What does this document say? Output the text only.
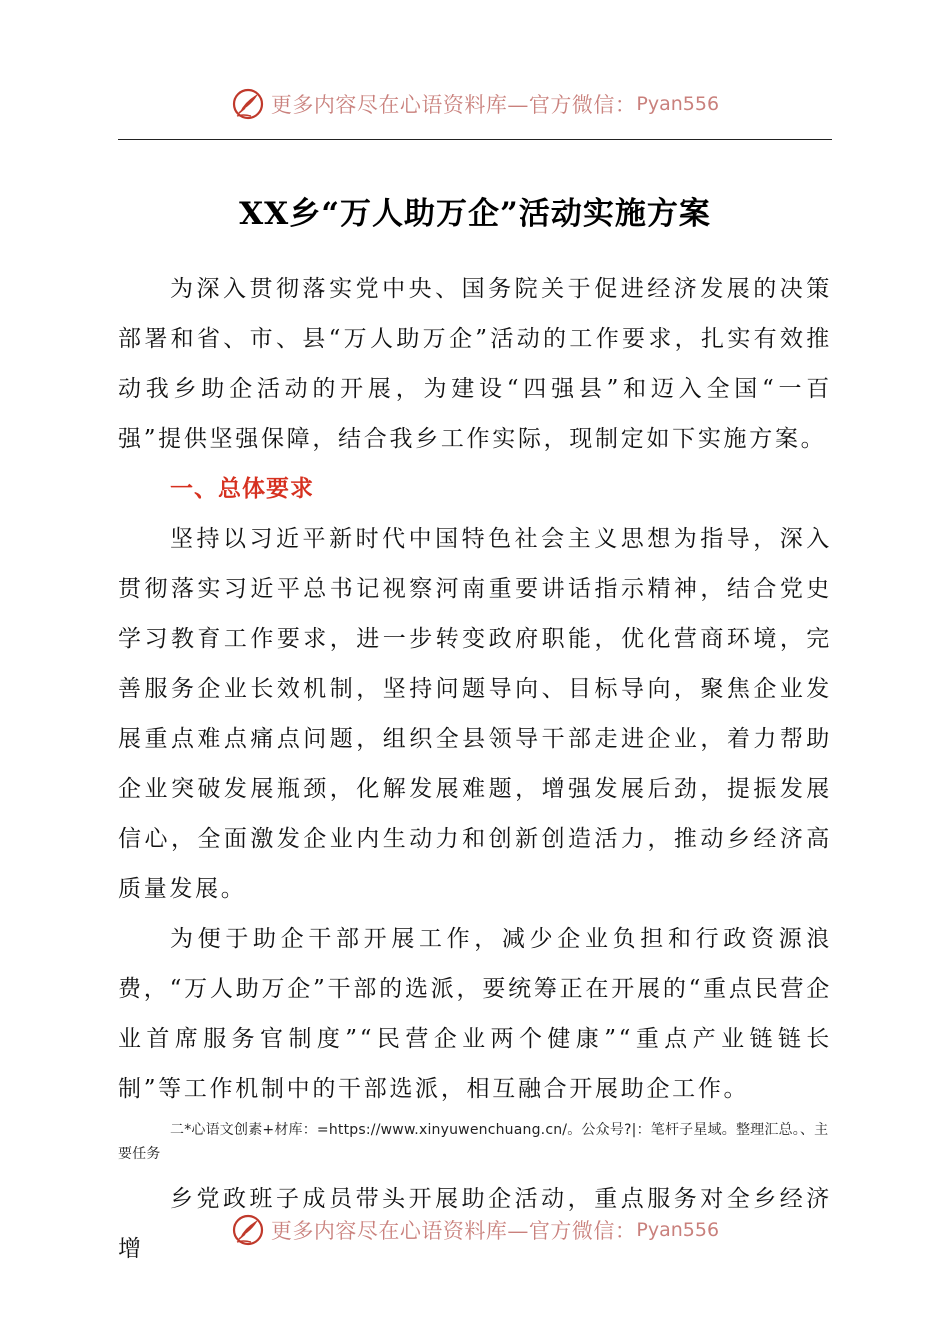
更多内容尽在心语资料库—官方微信： Pyan556
XX乡“万人助万企”活动实施方案

为深入贯彻落实党中央、国务院关于促进经济发展的决策部署和省、市、县“万人助万企”活动的工作要求，扎实有效推动我乡助企活动的开展，为建设“四强县”和迈入全国“一百强”提供坚强保障，结合我乡工作实际，现制定如下实施方案。

一、总体要求

坚持以习近平新时代中国特色社会主义思想为指导，深入贯彻落实习近平总书记视察河南重要讲话指示精神，结合党史学习教育工作要求，进一步转变政府职能，优化营商环境，完善服务企业长效机制，坚持问题导向、目标导向，聚焦企业发展重点难点痛点问题，组织全县领导干部走进企业，着力帮助企业突破发展瓶颈，化解发展难题，增强发展后劲，提振发展信心，全面激发企业内生动力和创新创造活力，推动乡经济高质量发展。

为便于助企干部开展工作，减少企业负担和行政资源浪费，“万人助万企”干部的选派，要统筹正在开展的“重点民营企业首席服务官制度”“民营企业两个健康”“重点产业链链长制”等工作机制中的干部选派，相互融合开展助企工作。

二*心语文创素+材库：=https://www.xinyuwenchuang.cn/。公众号?|：笔杆子星域。整理汇总。、主要任务

乡党政班子成员带头开展助企活动，重点服务对全乡经济增

更多内容尽在心语资料库—官方微信： Pyan556
